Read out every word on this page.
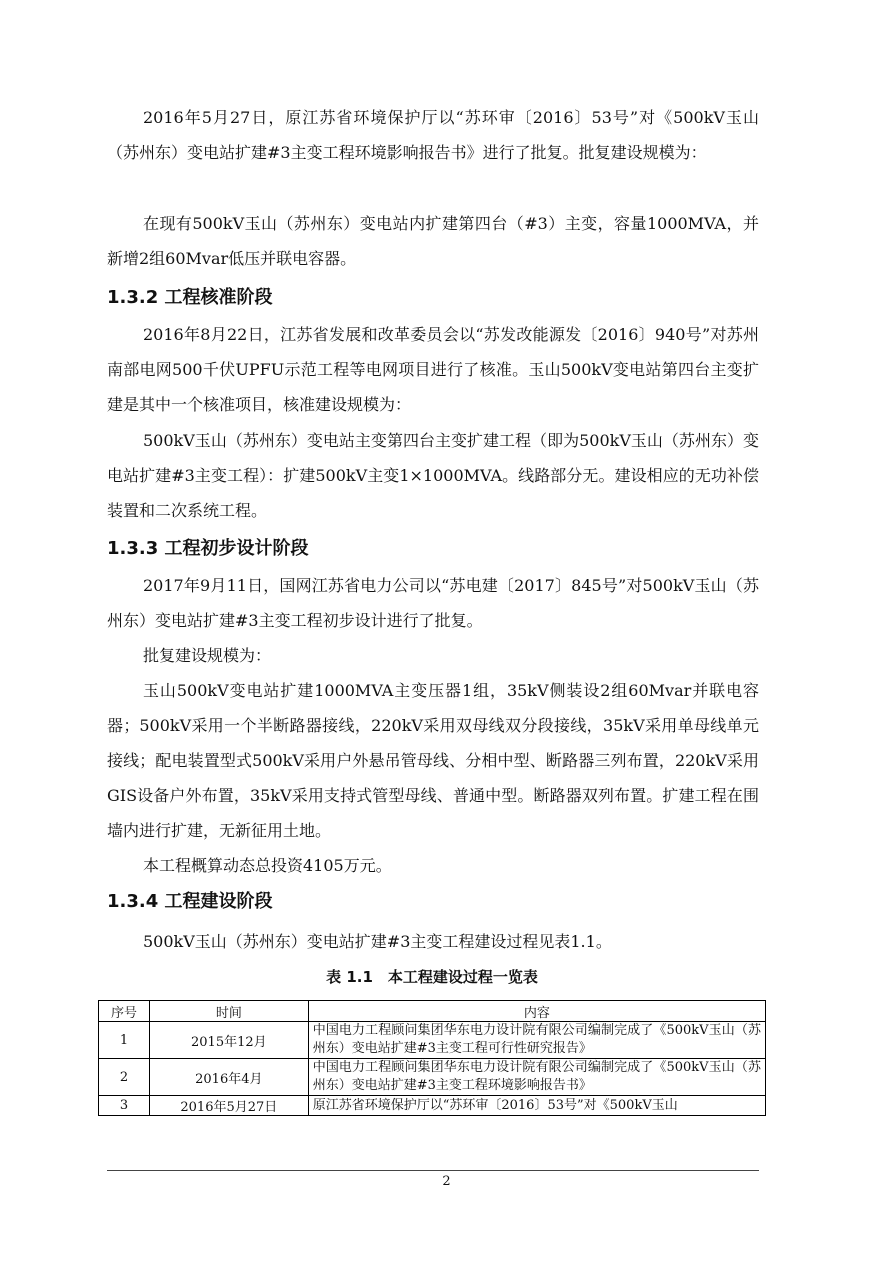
2016年5月27日，原江苏省环境保护厅以“苏环审〔2016〕53号”对《500kV玉山（苏州东）变电站扩建#3主变工程环境影响报告书》进行了批复。批复建设规模为：

在现有500kV玉山（苏州东）变电站内扩建第四台（#3）主变，容量1000MVA，并新增2组60Mvar低压并联电容器。

1.3.2 工程核准阶段

2016年8月22日，江苏省发展和改革委员会以“苏发改能源发〔2016〕940号”对苏州南部电网500千伏UPFU示范工程等电网项目进行了核准。玉山500kV变电站第四台主变扩建是其中一个核准项目，核准建设规模为：

500kV玉山（苏州东）变电站主变第四台主变扩建工程（即为500kV玉山（苏州东）变电站扩建#3主变工程）：扩建500kV主变1×1000MVA。线路部分无。建设相应的无功补偿装置和二次系统工程。

1.3.3 工程初步设计阶段

2017年9月11日，国网江苏省电力公司以“苏电建〔2017〕845号”对500kV玉山（苏州东）变电站扩建#3主变工程初步设计进行了批复。

批复建设规模为：

玉山500kV变电站扩建1000MVA主变压器1组，35kV侧装设2组60Mvar并联电容器；500kV采用一个半断路器接线，220kV采用双母线双分段接线，35kV采用单母线单元接线；配电装置型式500kV采用户外悬吊管母线、分相中型、断路器三列布置，220kV采用GIS设备户外布置，35kV采用支持式管型母线、普通中型。断路器双列布置。扩建工程在围墙内进行扩建，无新征用土地。

本工程概算动态总投资4105万元。

1.3.4 工程建设阶段

500kV玉山（苏州东）变电站扩建#3主变工程建设过程见表1.1。

表 1.1　本工程建设过程一览表
序号	时间	内容
1	2015年12月	中国电力工程顾问集团华东电力设计院有限公司编制完成了《500kV玉山（苏州东）变电站扩建#3主变工程可行性研究报告》
2	2016年4月	中国电力工程顾问集团华东电力设计院有限公司编制完成了《500kV玉山（苏州东）变电站扩建#3主变工程环境影响报告书》
3	2016年5月27日	原江苏省环境保护厅以“苏环审〔2016〕53号”对《500kV玉山
2
